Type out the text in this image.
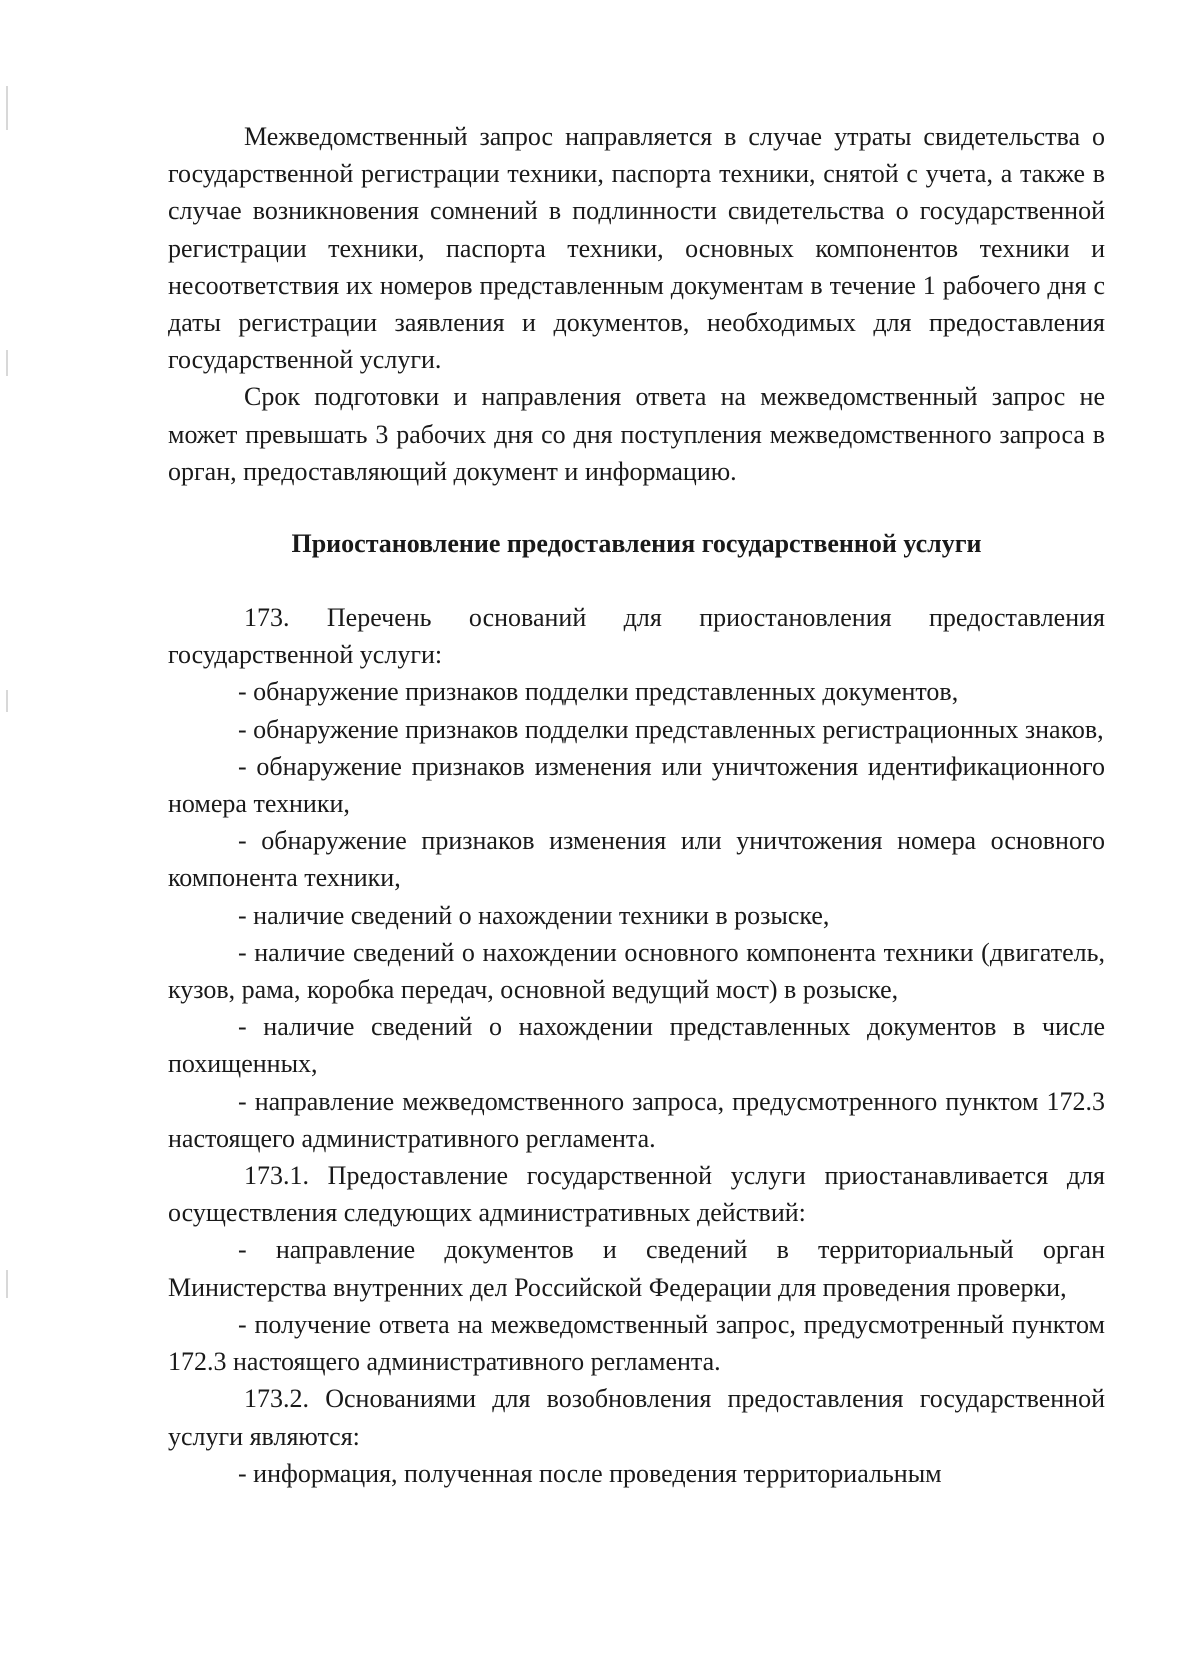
Межведомственный запрос направляется в случае утраты свидетельства о государственной регистрации техники, паспорта техники, снятой с учета, а также в случае возникновения сомнений в подлинности свидетельства о государственной регистрации техники, паспорта техники, основных компонентов техники и несоответствия их номеров представленным документам в течение 1 рабочего дня с даты регистрации заявления и документов, необходимых для предоставления государственной услуги.

Срок подготовки и направления ответа на межведомственный запрос не может превышать 3 рабочих дня со дня поступления межведомственного запроса в орган, предоставляющий документ и информацию.

Приостановление предоставления государственной услуги

173. Перечень оснований для приостановления предоставления государственной услуги:

- обнаружение признаков подделки представленных документов,

- обнаружение признаков подделки представленных регистрационных знаков,

- обнаружение признаков изменения или уничтожения идентификационного номера техники,

- обнаружение признаков изменения или уничтожения номера основного компонента техники,

- наличие сведений о нахождении техники в розыске,

- наличие сведений о нахождении основного компонента техники (двигатель, кузов, рама, коробка передач, основной ведущий мост) в розыске,

- наличие сведений о нахождении представленных документов в числе похищенных,

- направление межведомственного запроса, предусмотренного пунктом 172.3 настоящего административного регламента.

173.1. Предоставление государственной услуги приостанавливается для осуществления следующих административных действий:

- направление документов и сведений в территориальный орган Министерства внутренних дел Российской Федерации для проведения проверки,

- получение ответа на межведомственный запрос, предусмотренный пунктом 172.3 настоящего административного регламента.

173.2. Основаниями для возобновления предоставления государственной услуги являются:

- информация, полученная после проведения территориальным
